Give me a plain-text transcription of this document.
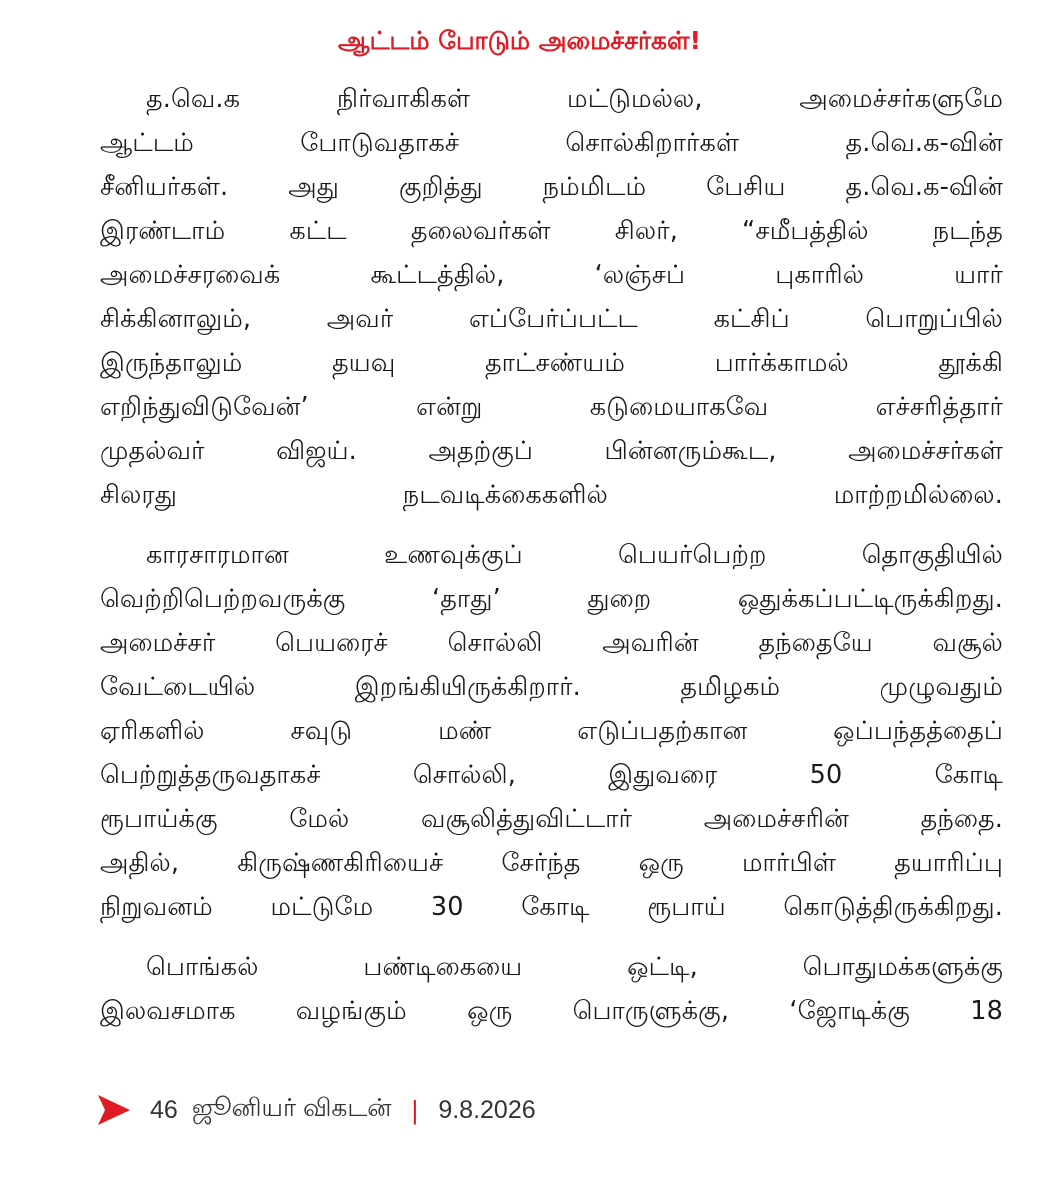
ஆட்டம் போடும் அமைச்சர்கள்!

த.வெ.க நிர்வாகிகள் மட்டுமல்ல, அமைச்சர்களுமே
ஆட்டம் போடுவதாகச் சொல்கிறார்கள் த.வெ.க-வின்
சீனியர்கள். அது குறித்து நம்மிடம் பேசிய த.வெ.க-வின்
இரண்டாம் கட்ட தலைவர்கள் சிலர், “சமீபத்தில் நடந்த
அமைச்சரவைக் கூட்டத்தில், ‘லஞ்சப் புகாரில் யார்
சிக்கினாலும், அவர் எப்பேர்ப்பட்ட கட்சிப் பொறுப்பில்
இருந்தாலும் தயவு தாட்சண்யம் பார்க்காமல் தூக்கி
எறிந்துவிடுவேன்’ என்று கடுமையாகவே எச்சரித்தார்
முதல்வர் விஜய். அதற்குப் பின்னரும்கூட, அமைச்சர்கள்
சிலரது நடவடிக்கைகளில் மாற்றமில்லை.

காரசாரமான உணவுக்குப் பெயர்பெற்ற தொகுதியில்
வெற்றிபெற்றவருக்கு ‘தாது’ துறை ஒதுக்கப்பட்டிருக்கிறது.
அமைச்சர் பெயரைச் சொல்லி அவரின் தந்தையே வசூல்
வேட்டையில் இறங்கியிருக்கிறார். தமிழகம் முழுவதும்
ஏரிகளில் சவுடு மண் எடுப்பதற்கான ஒப்பந்தத்தைப்
பெற்றுத்தருவதாகச் சொல்லி, இதுவரை 50 கோடி
ரூபாய்க்கு மேல் வசூலித்துவிட்டார் அமைச்சரின் தந்தை.
அதில், கிருஷ்ணகிரியைச் சேர்ந்த ஒரு மார்பிள் தயாரிப்பு
நிறுவனம் மட்டுமே 30 கோடி ரூபாய் கொடுத்திருக்கிறது.

பொங்கல் பண்டிகையை ஒட்டி, பொதுமக்களுக்கு
இலவசமாக வழங்கும் ஒரு பொருளுக்கு, ‘ஜோடிக்கு 18

46 ஜூனியர் விகடன் | 9.8.2026
